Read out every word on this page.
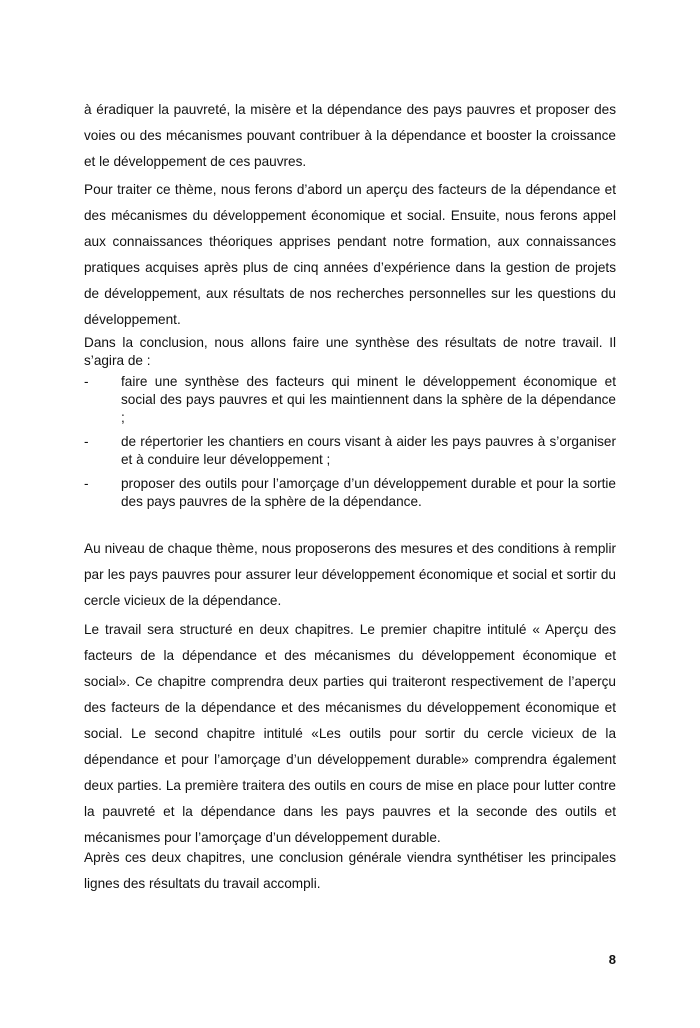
à éradiquer la pauvreté, la misère et la dépendance des pays pauvres et proposer des voies ou des mécanismes pouvant contribuer à la dépendance et booster la croissance et le développement de ces pauvres.

Pour traiter ce thème, nous ferons d’abord un aperçu des facteurs de la dépendance et des mécanismes du développement économique et social. Ensuite, nous ferons appel aux connaissances théoriques apprises pendant notre formation, aux connaissances pratiques acquises après plus de cinq années d’expérience dans la gestion de projets de développement, aux résultats de nos recherches personnelles sur les questions du développement.

Dans la conclusion, nous allons faire une synthèse des résultats de notre travail. Il s’agira de :

- faire une synthèse des facteurs qui minent le développement économique et social des pays pauvres et qui les maintiennent dans la sphère de la dépendance ;
- de répertorier les chantiers en cours visant à aider les pays pauvres à s’organiser et à conduire leur développement ;
- proposer des outils pour l’amorçage d’un développement durable et pour la sortie des pays pauvres de la sphère de la dépendance.

Au niveau de chaque thème, nous proposerons des mesures et des conditions à remplir par les pays pauvres pour assurer leur développement économique et social et sortir du cercle vicieux de la dépendance.

Le travail sera structuré en deux chapitres. Le premier chapitre intitulé « Aperçu des facteurs de la dépendance et des mécanismes du développement économique et social». Ce chapitre comprendra deux parties qui traiteront respectivement de l’aperçu des facteurs de la dépendance et des mécanismes du développement économique et social. Le second chapitre intitulé «Les outils pour sortir du cercle vicieux de la dépendance et pour l’amorçage d’un développement durable» comprendra également deux parties. La première traitera des outils en cours de mise en place pour lutter contre la pauvreté et la dépendance dans les pays pauvres et la seconde des outils et mécanismes pour l’amorçage d’un développement durable.

Après ces deux chapitres, une conclusion générale viendra synthétiser les principales lignes des résultats du travail accompli.

8
